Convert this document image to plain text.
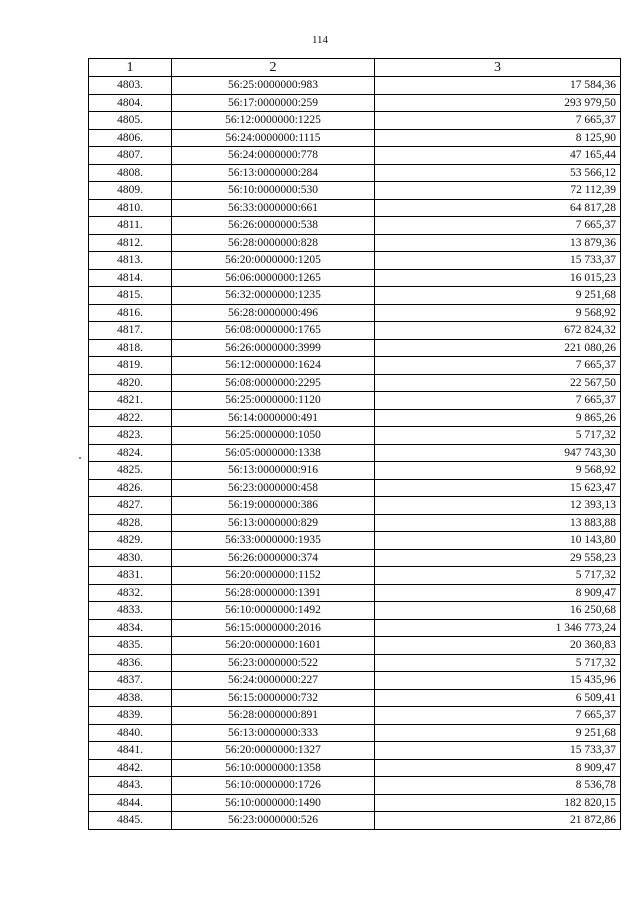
114
1	2	3
4803.	56:25:0000000:983	17 584,36
4804.	56:17:0000000:259	293 979,50
4805.	56:12:0000000:1225	7 665,37
4806.	56:24:0000000:1115	8 125,90
4807.	56:24:0000000:778	47 165,44
4808.	56:13:0000000:284	53 566,12
4809.	56:10:0000000:530	72 112,39
4810.	56:33:0000000:661	64 817,28
4811.	56:26:0000000:538	7 665,37
4812.	56:28:0000000:828	13 879,36
4813.	56:20:0000000:1205	15 733,37
4814.	56:06:0000000:1265	16 015,23
4815.	56:32:0000000:1235	9 251,68
4816.	56:28:0000000:496	9 568,92
4817.	56:08:0000000:1765	672 824,32
4818.	56:26:0000000:3999	221 080,26
4819.	56:12:0000000:1624	7 665,37
4820.	56:08:0000000:2295	22 567,50
4821.	56:25:0000000:1120	7 665,37
4822.	56:14:0000000:491	9 865,26
4823.	56:25:0000000:1050	5 717,32
4824.	56:05:0000000:1338	947 743,30
4825.	56:13:0000000:916	9 568,92
4826.	56:23:0000000:458	15 623,47
4827.	56:19:0000000:386	12 393,13
4828.	56:13:0000000:829	13 883,88
4829.	56:33:0000000:1935	10 143,80
4830.	56:26:0000000:374	29 558,23
4831.	56:20:0000000:1152	5 717,32
4832.	56:28:0000000:1391	8 909,47
4833.	56:10:0000000:1492	16 250,68
4834.	56:15:0000000:2016	1 346 773,24
4835.	56:20:0000000:1601	20 360,83
4836.	56:23:0000000:522	5 717,32
4837.	56:24:0000000:227	15 435,96
4838.	56:15:0000000:732	6 509,41
4839.	56:28:0000000:891	7 665,37
4840.	56:13:0000000:333	9 251,68
4841.	56:20:0000000:1327	15 733,37
4842.	56:10:0000000:1358	8 909,47
4843.	56:10:0000000:1726	8 536,78
4844.	56:10:0000000:1490	182 820,15
4845.	56:23:0000000:526	21 872,86
